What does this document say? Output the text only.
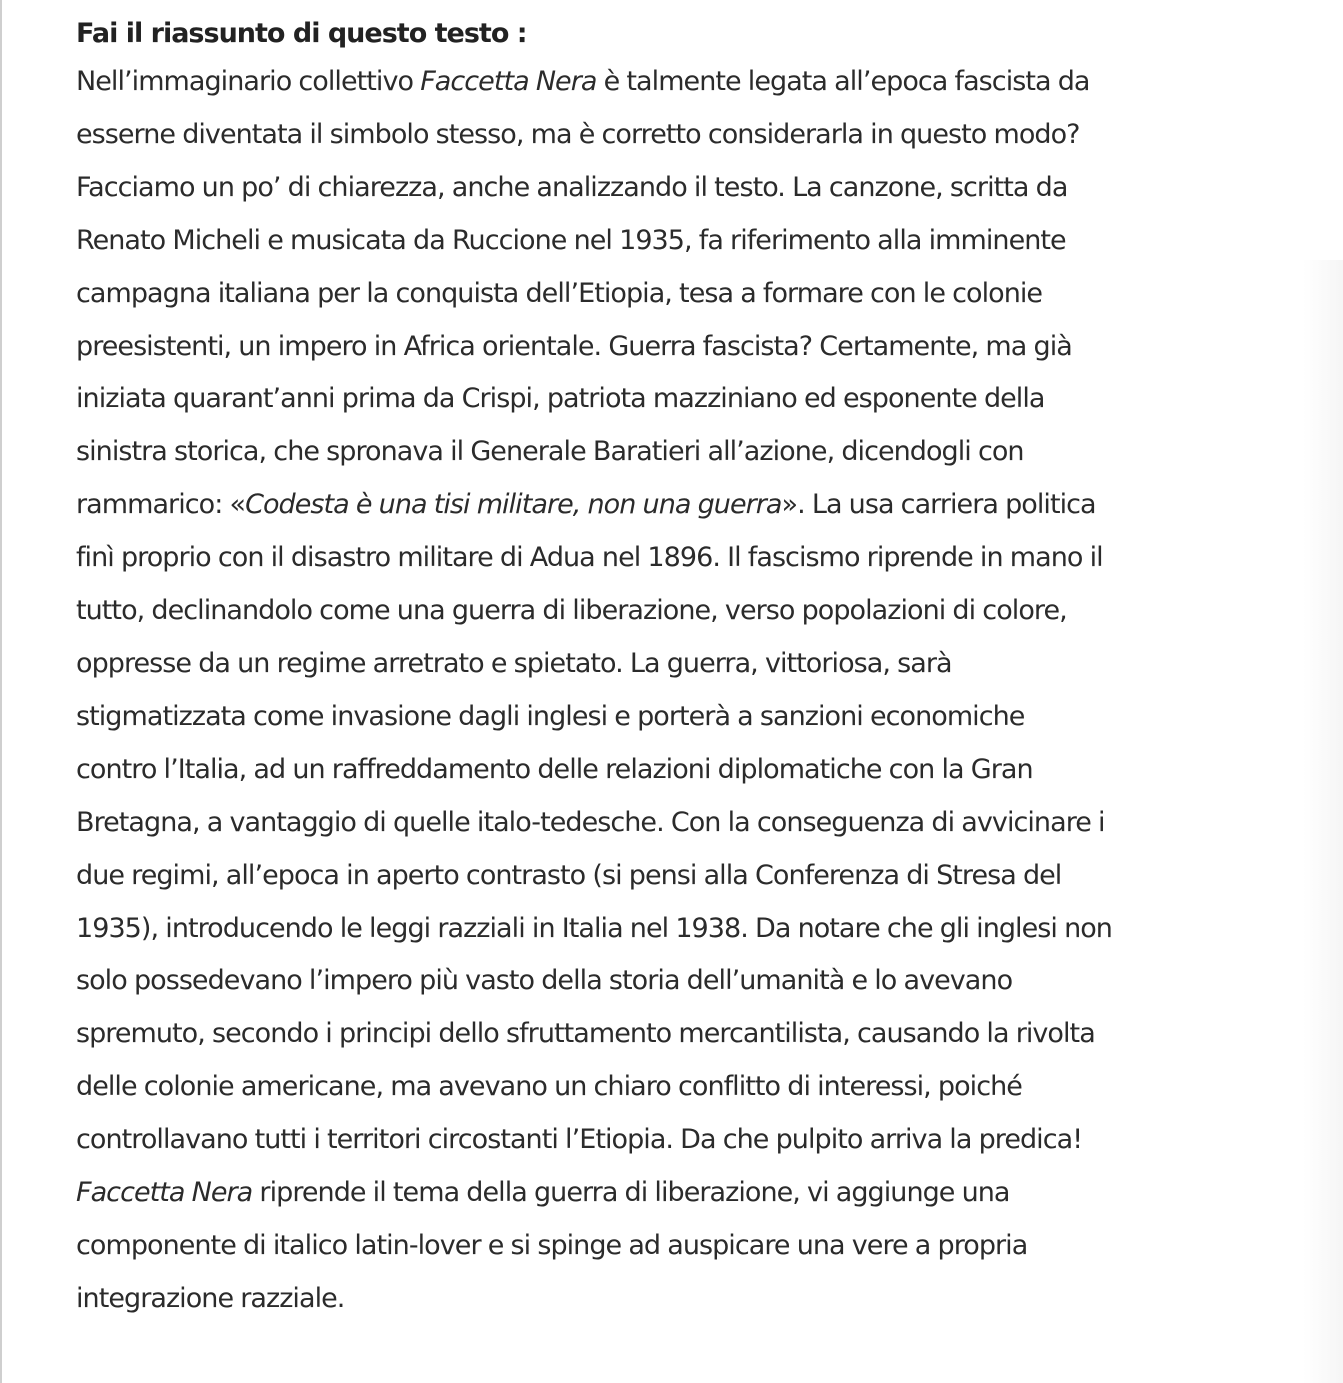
Fai il riassunto di questo testo :

Nell’immaginario collettivo Faccetta Nera è talmente legata all’epoca fascista da
esserne diventata il simbolo stesso, ma è corretto considerarla in questo modo?
Facciamo un po’ di chiarezza, anche analizzando il testo. La canzone, scritta da
Renato Micheli e musicata da Ruccione nel 1935, fa riferimento alla imminente
campagna italiana per la conquista dell’Etiopia, tesa a formare con le colonie
preesistenti, un impero in Africa orientale. Guerra fascista? Certamente, ma già
iniziata quarant’anni prima da Crispi, patriota mazziniano ed esponente della
sinistra storica, che spronava il Generale Baratieri all’azione, dicendogli con
rammarico: «Codesta è una tisi militare, non una guerra». La usa carriera politica
finì proprio con il disastro militare di Adua nel 1896. Il fascismo riprende in mano il
tutto, declinandolo come una guerra di liberazione, verso popolazioni di colore,
oppresse da un regime arretrato e spietato. La guerra, vittoriosa, sarà
stigmatizzata come invasione dagli inglesi e porterà a sanzioni economiche
contro l’Italia, ad un raffreddamento delle relazioni diplomatiche con la Gran
Bretagna, a vantaggio di quelle italo-tedesche. Con la conseguenza di avvicinare i
due regimi, all’epoca in aperto contrasto (si pensi alla Conferenza di Stresa del
1935), introducendo le leggi razziali in Italia nel 1938. Da notare che gli inglesi non
solo possedevano l’impero più vasto della storia dell’umanità e lo avevano
spremuto, secondo i principi dello sfruttamento mercantilista, causando la rivolta
delle colonie americane, ma avevano un chiaro conflitto di interessi, poiché
controllavano tutti i territori circostanti l’Etiopia. Da che pulpito arriva la predica!
Faccetta Nera riprende il tema della guerra di liberazione, vi aggiunge una
componente di italico latin-lover e si spinge ad auspicare una vere a propria
integrazione razziale.
